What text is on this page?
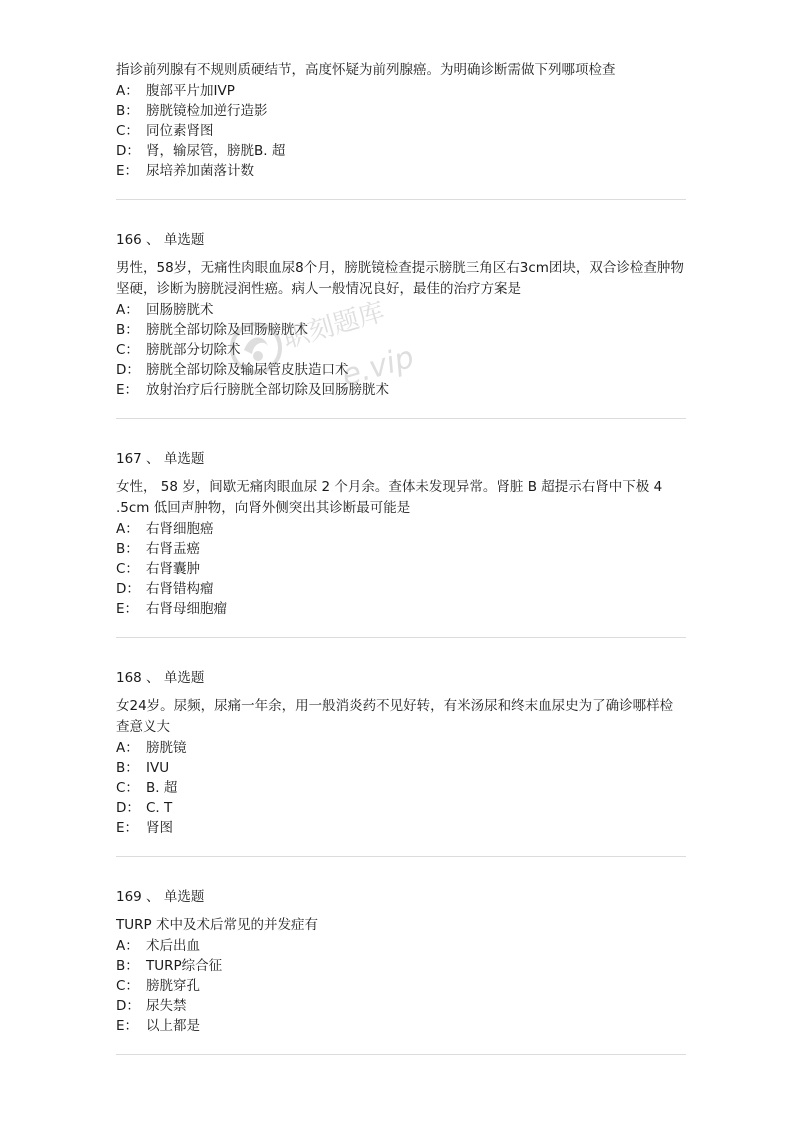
指诊前列腺有不规则质硬结节，高度怀疑为前列腺癌。为明确诊断需做下列哪项检查

A： 腹部平片加IVP

B： 膀胱镜检加逆行造影

C： 同位素肾图

D： 肾，输尿管，膀胱B. 超

E： 尿培养加菌落计数

166 、 单选题

男性，58岁，无痛性肉眼血尿8个月，膀胱镜检查提示膀胱三角区右3cm团块，双合诊检查肿物坚硬，诊断为膀胱浸润性癌。病人一般情况良好，最佳的治疗方案是

A： 回肠膀胱术

B： 膀胱全部切除及回肠膀胱术

C： 膀胱部分切除术

D： 膀胱全部切除及输尿管皮肤造口术

E： 放射治疗后行膀胱全部切除及回肠膀胱术

167 、 单选题

女性， 58 岁，间歇无痛肉眼血尿 2 个月余。查体未发现异常。肾脏 B 超提示右肾中下极 4 .5cm 低回声肿物，向肾外侧突出其诊断最可能是

A： 右肾细胞癌

B： 右肾盂癌

C： 右肾囊肿

D： 右肾错构瘤

E： 右肾母细胞瘤

168 、 单选题

女24岁。尿频，尿痛一年余，用一般消炎药不见好转，有米汤尿和终末血尿史为了确诊哪样检查意义大

A： 膀胱镜

B： IVU

C： B. 超

D： C. T

E： 肾图

169 、 单选题

TURP 术中及术后常见的并发症有

A： 术后出血

B： TURP综合征

C： 膀胱穿孔

D： 尿失禁

E： 以上都是

职刻题库
e.vip
